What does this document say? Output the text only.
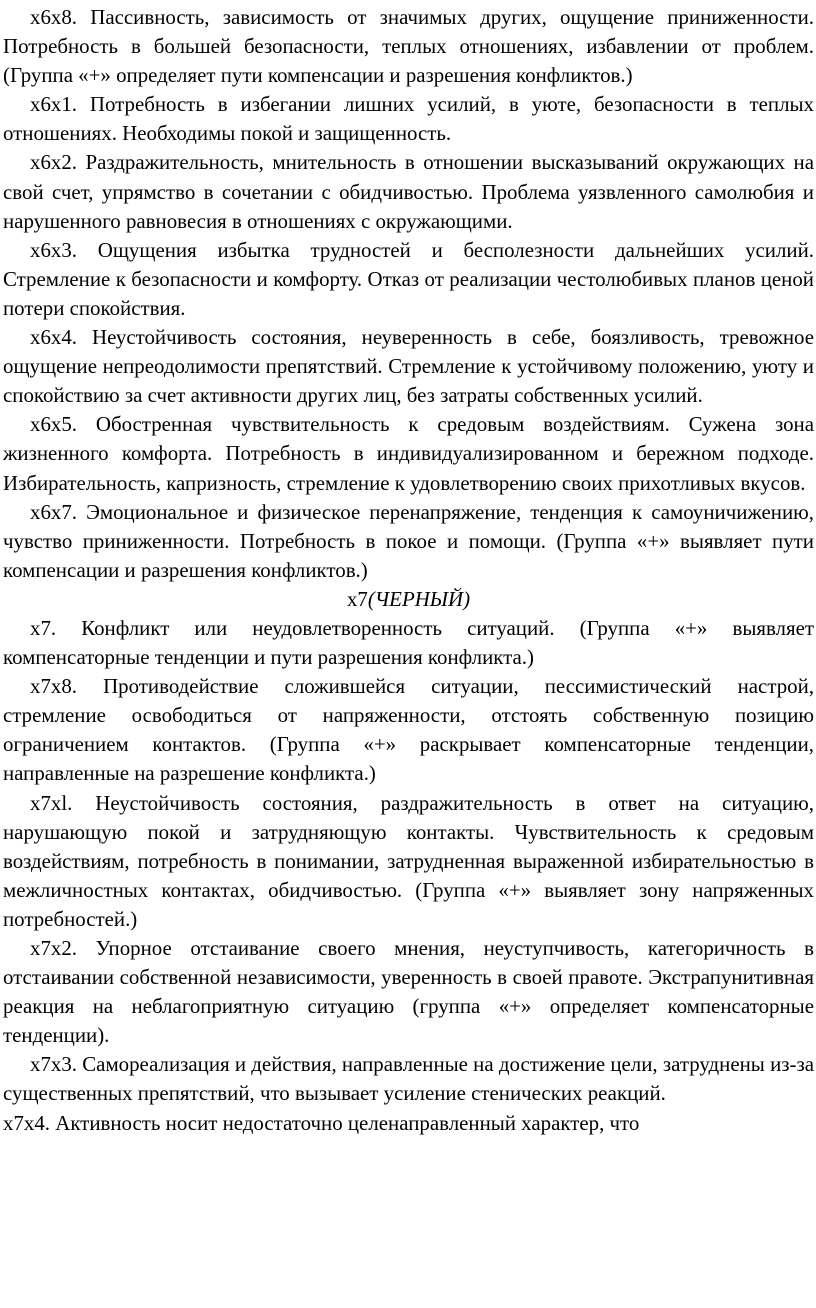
х6х8. Пассивность, зависимость от значимых других, ощущение приниженности. Потребность в большей безопасности, теплых отношениях, избавлении от проблем. (Группа «+» определяет пути компенсации и разрешения конфликтов.)

х6х1. Потребность в избегании лишних усилий, в уюте, безопасности в теплых отношениях. Необходимы покой и защищенность.

х6х2. Раздражительность, мнительность в отношении высказываний окружающих на свой счет, упрямство в сочетании с обидчивостью. Проблема уязвленного самолюбия и нарушенного равновесия в отношениях с окружающими.

х6х3. Ощущения избытка трудностей и бесполезности дальнейших усилий. Стремление к безопасности и комфорту. Отказ от реализации честолюбивых планов ценой потери спокойствия.

х6х4. Неустойчивость состояния, неуверенность в себе, боязливость, тревожное ощущение непреодолимости препятствий. Стремление к устойчивому положению, уюту и спокойствию за счет активности других лиц, без затраты собственных усилий.

х6х5. Обостренная чувствительность к средовым воздействиям. Сужена зона жизненного комфорта. Потребность в индивидуализированном и бережном подходе. Избирательность, капризность, стремление к удовлетворению своих прихотливых вкусов.

х6х7. Эмоциональное и физическое перенапряжение, тенденция к самоуничижению, чувство приниженности. Потребность в покое и помощи. (Группа «+» выявляет пути компенсации и разрешения конфликтов.)

х7(ЧЕРНЫЙ)

х7. Конфликт или неудовлетворенность ситуаций. (Группа «+» выявляет компенсаторные тенденции и пути разрешения конфликта.)

х7х8. Противодействие сложившейся ситуации, пессимистический настрой, стремление освободиться от напряженности, отстоять собственную позицию ограничением контактов. (Группа «+» раскрывает компенсаторные тенденции, направленные на разрешение конфликта.)

х7хl. Неустойчивость состояния, раздражительность в ответ на ситуацию, нарушающую покой и затрудняющую контакты. Чувствительность к средовым воздействиям, потребность в понимании, затрудненная выраженной избирательностью в межличностных контактах, обидчивостью. (Группа «+» выявляет зону напряженных потребностей.)

х7х2. Упорное отстаивание своего мнения, неуступчивость, категоричность в отстаивании собственной независимости, уверенность в своей правоте. Экстрапунитивная реакция на неблагоприятную ситуацию (группа «+» определяет компенсаторные тенденции).

х7х3. Самореализация и действия, направленные на достижение цели, затруднены из-за существенных препятствий, что вызывает усиление стенических реакций.

х7х4. Активность носит недостаточно целенаправленный характер, что
